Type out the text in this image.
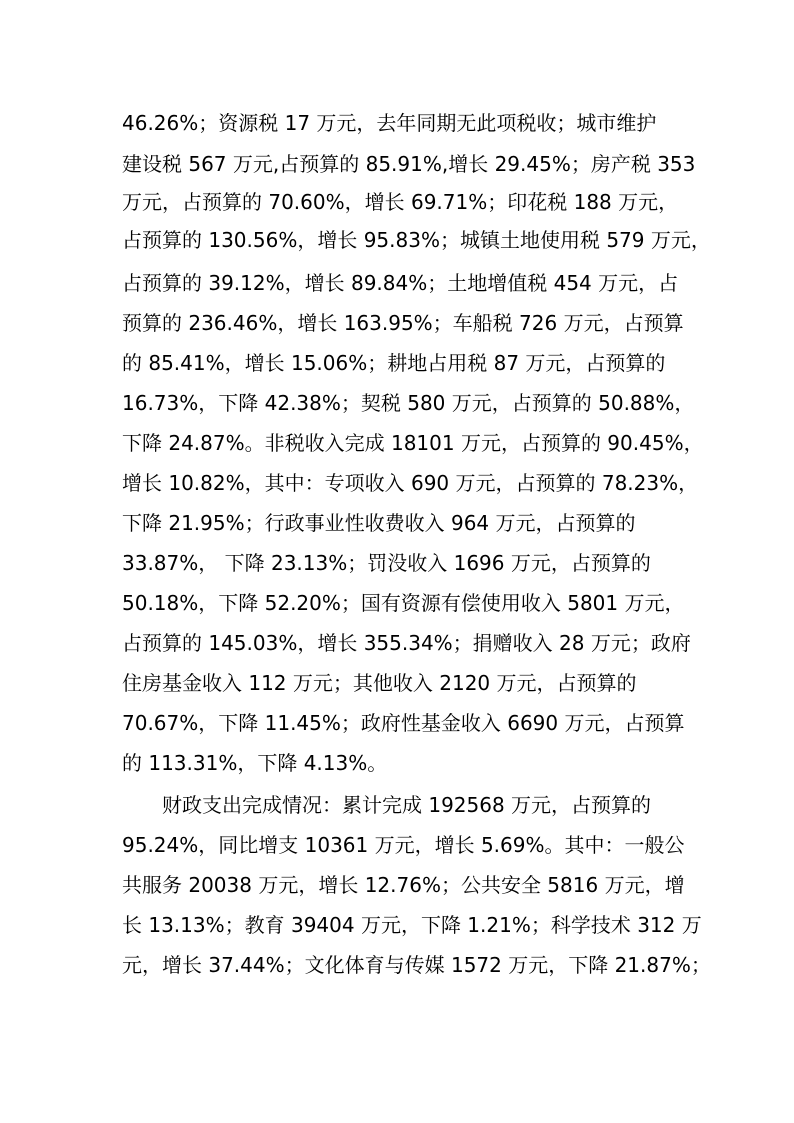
46.26%；资源税 17 万元，去年同期无此项税收；城市维护
建设税 567 万元,占预算的 85.91%,增长 29.45%；房产税 353
万元，占预算的 70.60%，增长 69.71%；印花税 188 万元，
占预算的 130.56%，增长 95.83%；城镇土地使用税 579 万元，
占预算的 39.12%，增长 89.84%；土地增值税 454 万元，占
预算的 236.46%，增长 163.95%；车船税 726 万元，占预算
的 85.41%，增长 15.06%；耕地占用税 87 万元，占预算的
16.73%，下降 42.38%；契税 580 万元，占预算的 50.88%，
下降 24.87%。非税收入完成 18101 万元，占预算的 90.45%，
增长 10.82%，其中：专项收入 690 万元，占预算的 78.23%，
下降 21.95%；行政事业性收费收入 964 万元，占预算的
33.87%， 下降 23.13%；罚没收入 1696 万元，占预算的
50.18%，下降 52.20%；国有资源有偿使用收入 5801 万元，
占预算的 145.03%，增长 355.34%；捐赠收入 28 万元；政府
住房基金收入 112 万元；其他收入 2120 万元，占预算的
70.67%，下降 11.45%；政府性基金收入 6690 万元，占预算
的 113.31%，下降 4.13%。
财政支出完成情况：累计完成 192568 万元，占预算的
95.24%，同比增支 10361 万元，增长 5.69%。其中：一般公
共服务 20038 万元，增长 12.76%；公共安全 5816 万元，增
长 13.13%；教育 39404 万元，下降 1.21%；科学技术 312 万
元，增长 37.44%；文化体育与传媒 1572 万元，下降 21.87%；
